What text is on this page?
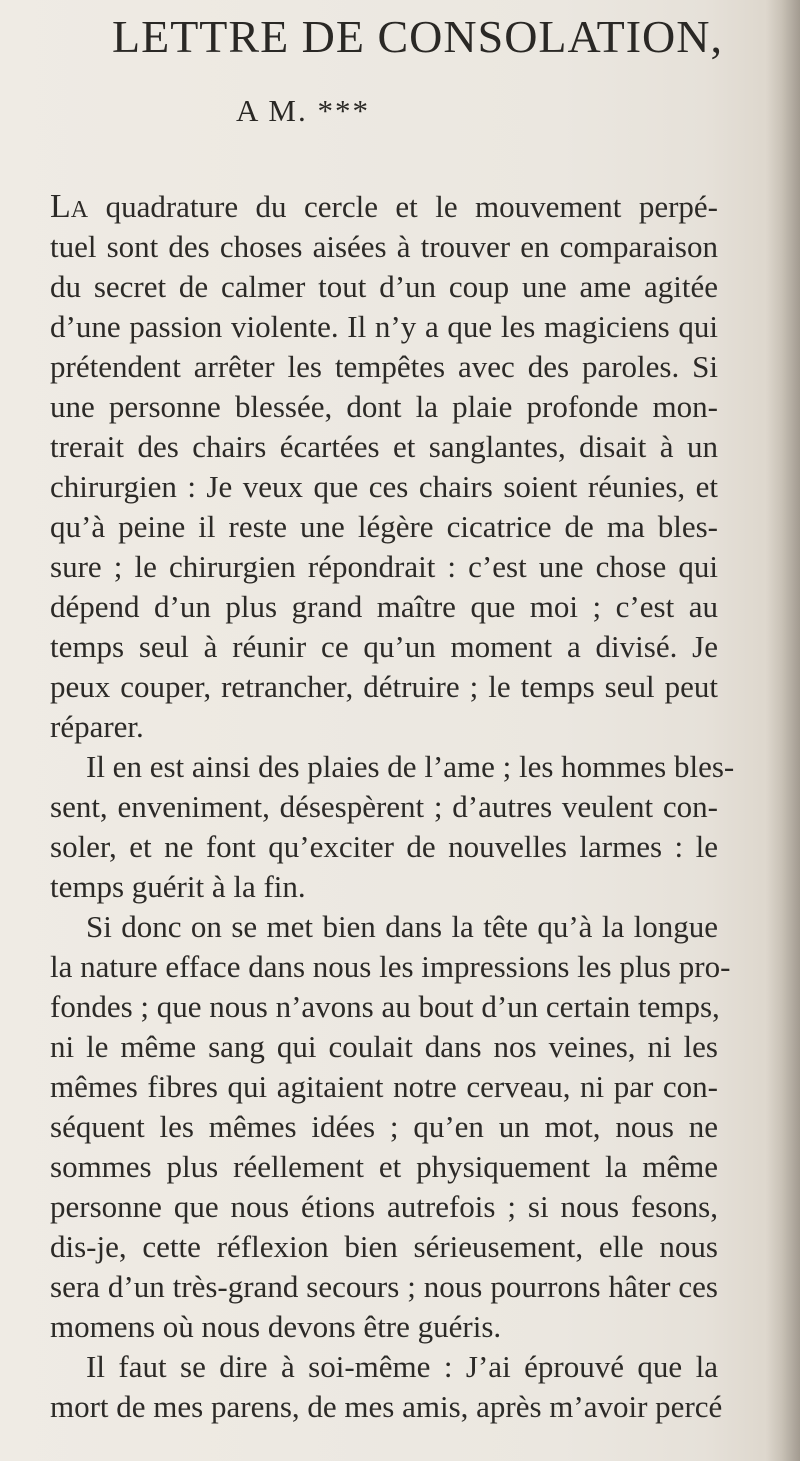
LETTRE DE CONSOLATION,
A M. ***
LA quadrature du cercle et le mouvement perpé-
tuel sont des choses aisées à trouver en comparaison
du secret de calmer tout d’un coup une ame agitée
d’une passion violente. Il n’y a que les magiciens qui
prétendent arrêter les tempêtes avec des paroles. Si
une personne blessée, dont la plaie profonde mon-
trerait des chairs écartées et sanglantes, disait à un
chirurgien : Je veux que ces chairs soient réunies, et
qu’à peine il reste une légère cicatrice de ma bles-
sure ; le chirurgien répondrait : c’est une chose qui
dépend d’un plus grand maître que moi ; c’est au
temps seul à réunir ce qu’un moment a divisé. Je
peux couper, retrancher, détruire ; le temps seul peut
réparer.
Il en est ainsi des plaies de l’ame ; les hommes bles-
sent, enveniment, désespèrent ; d’autres veulent con-
soler, et ne font qu’exciter de nouvelles larmes : le
temps guérit à la fin.
Si donc on se met bien dans la tête qu’à la longue
la nature efface dans nous les impressions les plus pro-
fondes ; que nous n’avons au bout d’un certain temps,
ni le même sang qui coulait dans nos veines, ni les
mêmes fibres qui agitaient notre cerveau, ni par con-
séquent les mêmes idées ; qu’en un mot, nous ne
sommes plus réellement et physiquement la même
personne que nous étions autrefois ; si nous fesons,
dis-je, cette réflexion bien sérieusement, elle nous
sera d’un très-grand secours ; nous pourrons hâter ces
momens où nous devons être guéris.
Il faut se dire à soi-même : J’ai éprouvé que la
mort de mes parens, de mes amis, après m’avoir percé
